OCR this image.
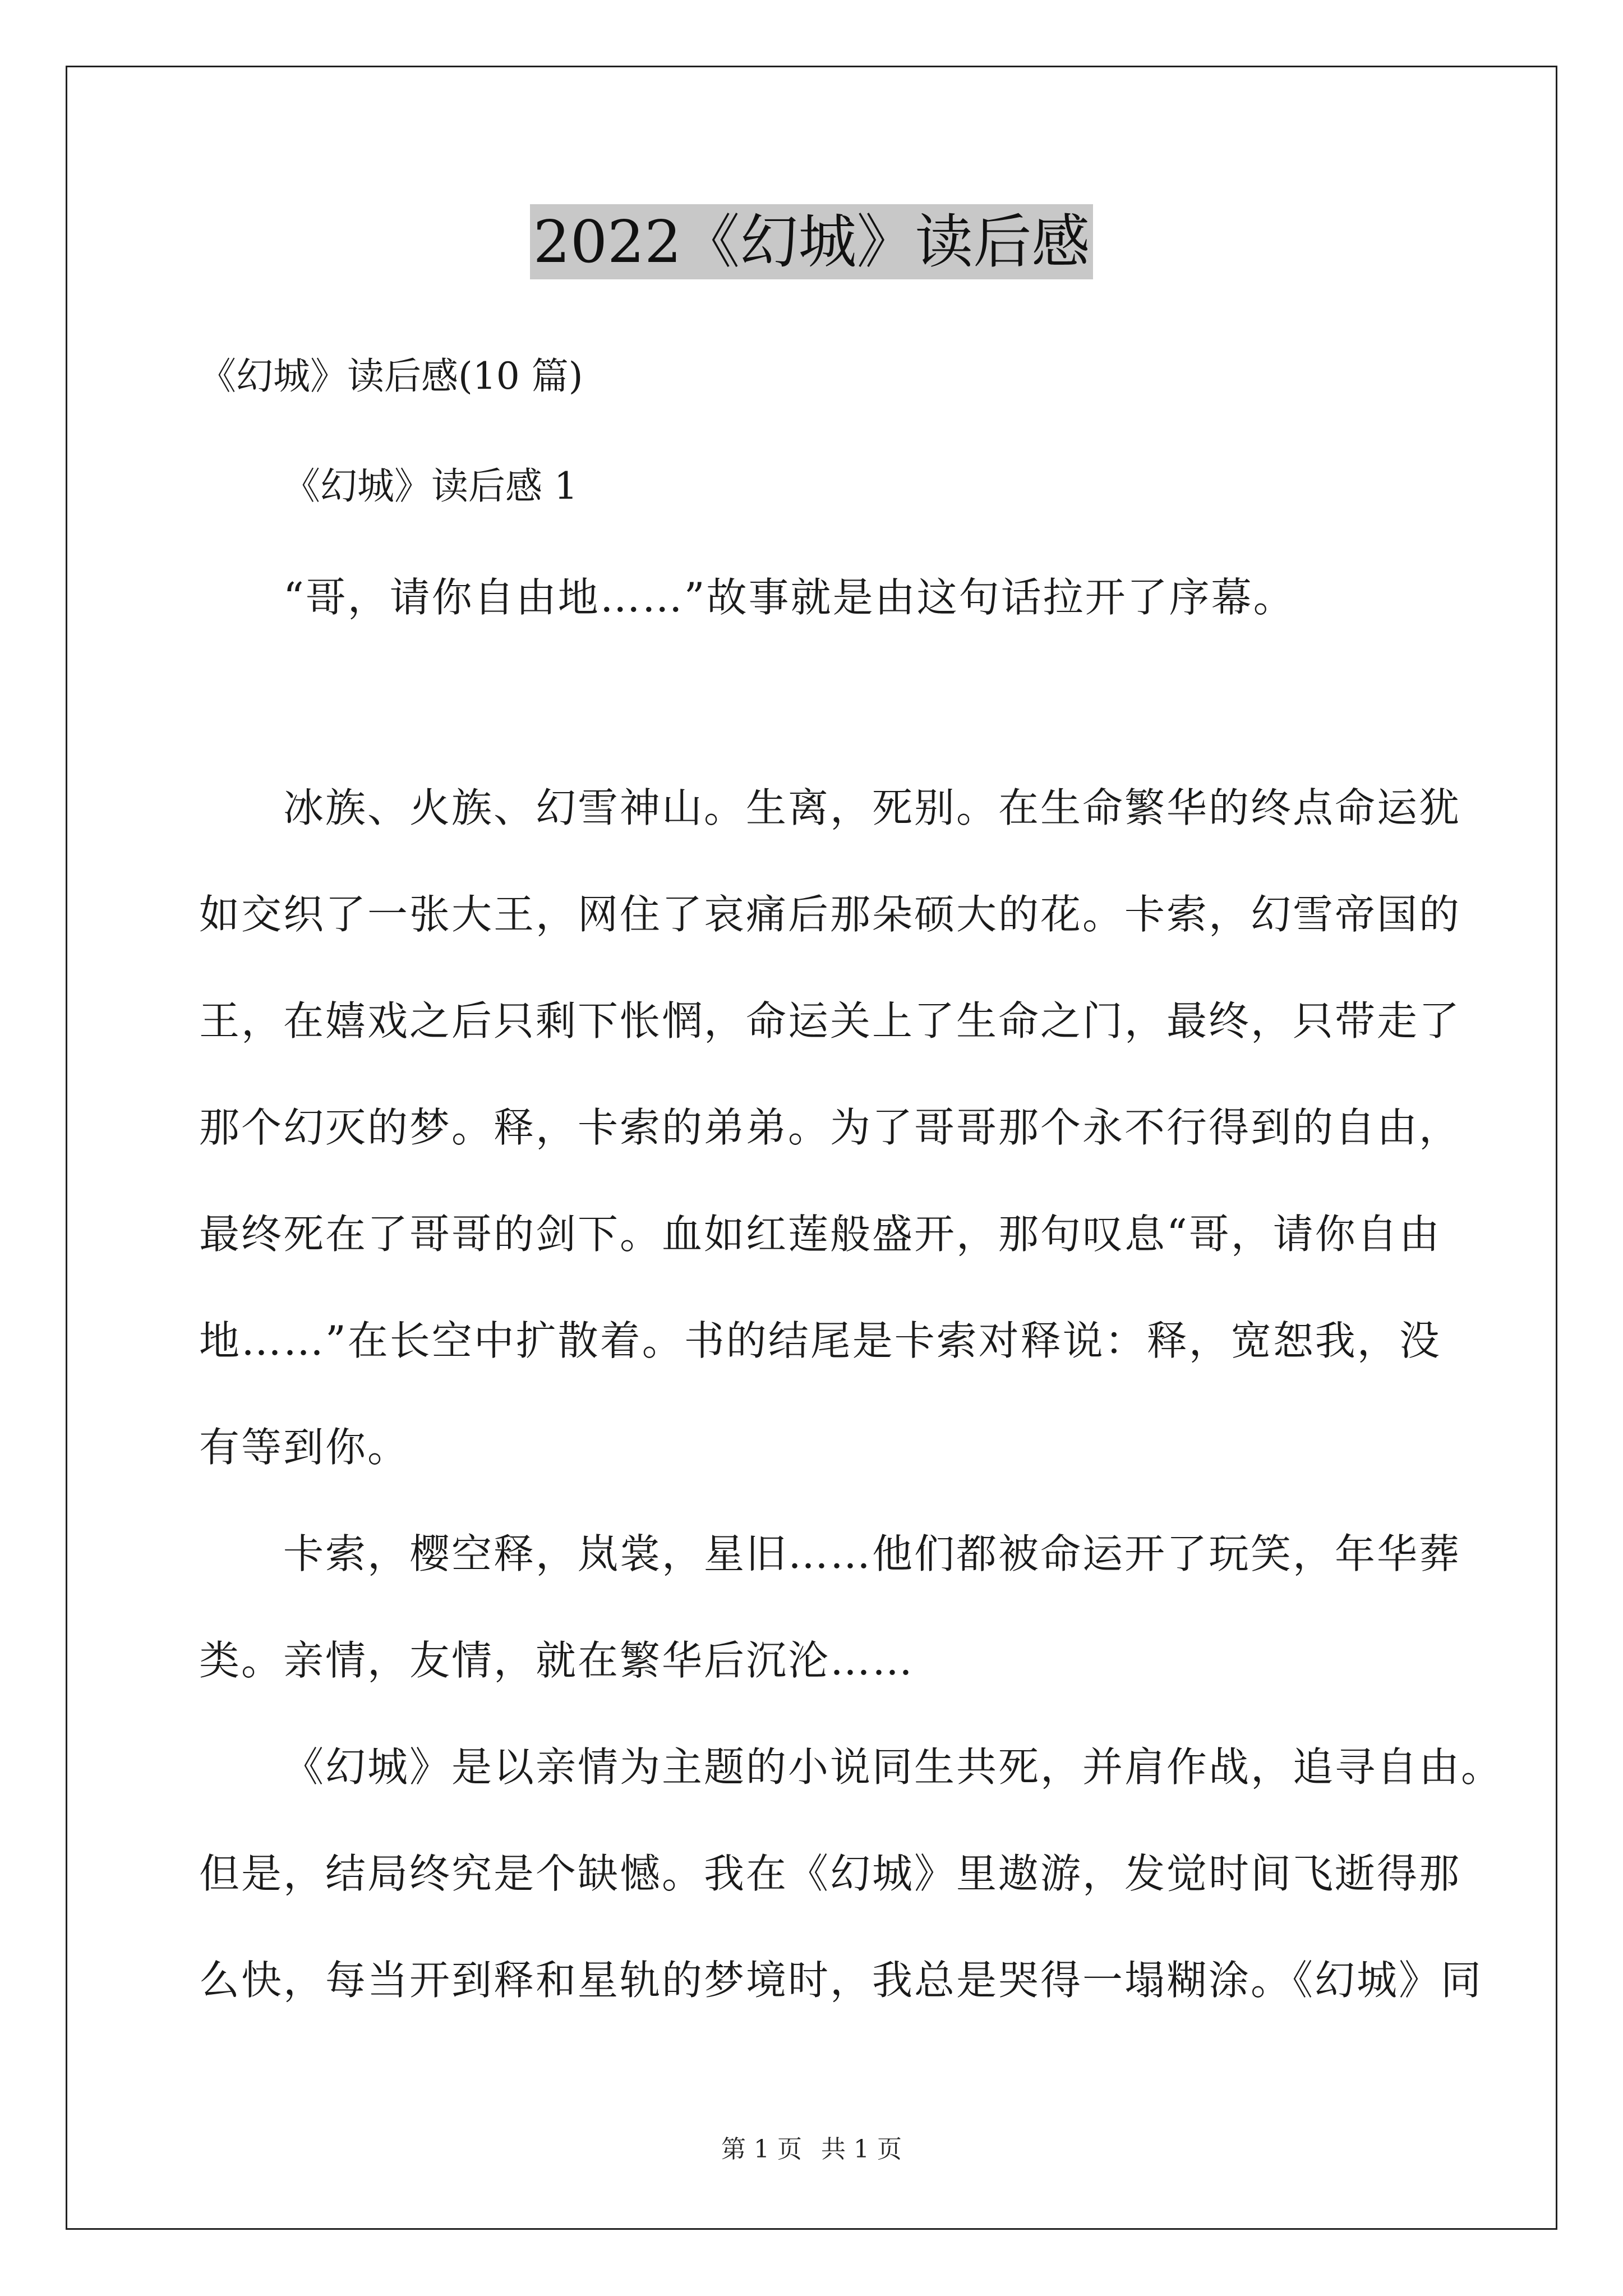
2022《幻城》读后感
《幻城》读后感(10 篇)
《幻城》读后感 1
“哥，请你自由地……”故事就是由这句话拉开了序幕。
冰族、火族、幻雪神山。生离，死别。在生命繁华的终点命运犹
如交织了一张大王，网住了哀痛后那朵硕大的花。卡索，幻雪帝国的
王，在嬉戏之后只剩下怅惘，命运关上了生命之门，最终，只带走了
那个幻灭的梦。释，卡索的弟弟。为了哥哥那个永不行得到的自由，
最终死在了哥哥的剑下。血如红莲般盛开，那句叹息“哥，请你自由
地……”在长空中扩散着。书的结尾是卡索对释说：释，宽恕我，没
有等到你。
卡索，樱空释，岚裳，星旧……他们都被命运开了玩笑，年华葬
类。亲情，友情，就在繁华后沉沦……
《幻城》是以亲情为主题的小说同生共死，并肩作战，追寻自由。
但是，结局终究是个缺憾。我在《幻城》里遨游，发觉时间飞逝得那
么快，每当开到释和星轨的梦境时，我总是哭得一塌糊涂。《幻城》同
第 1 页 共 1 页
